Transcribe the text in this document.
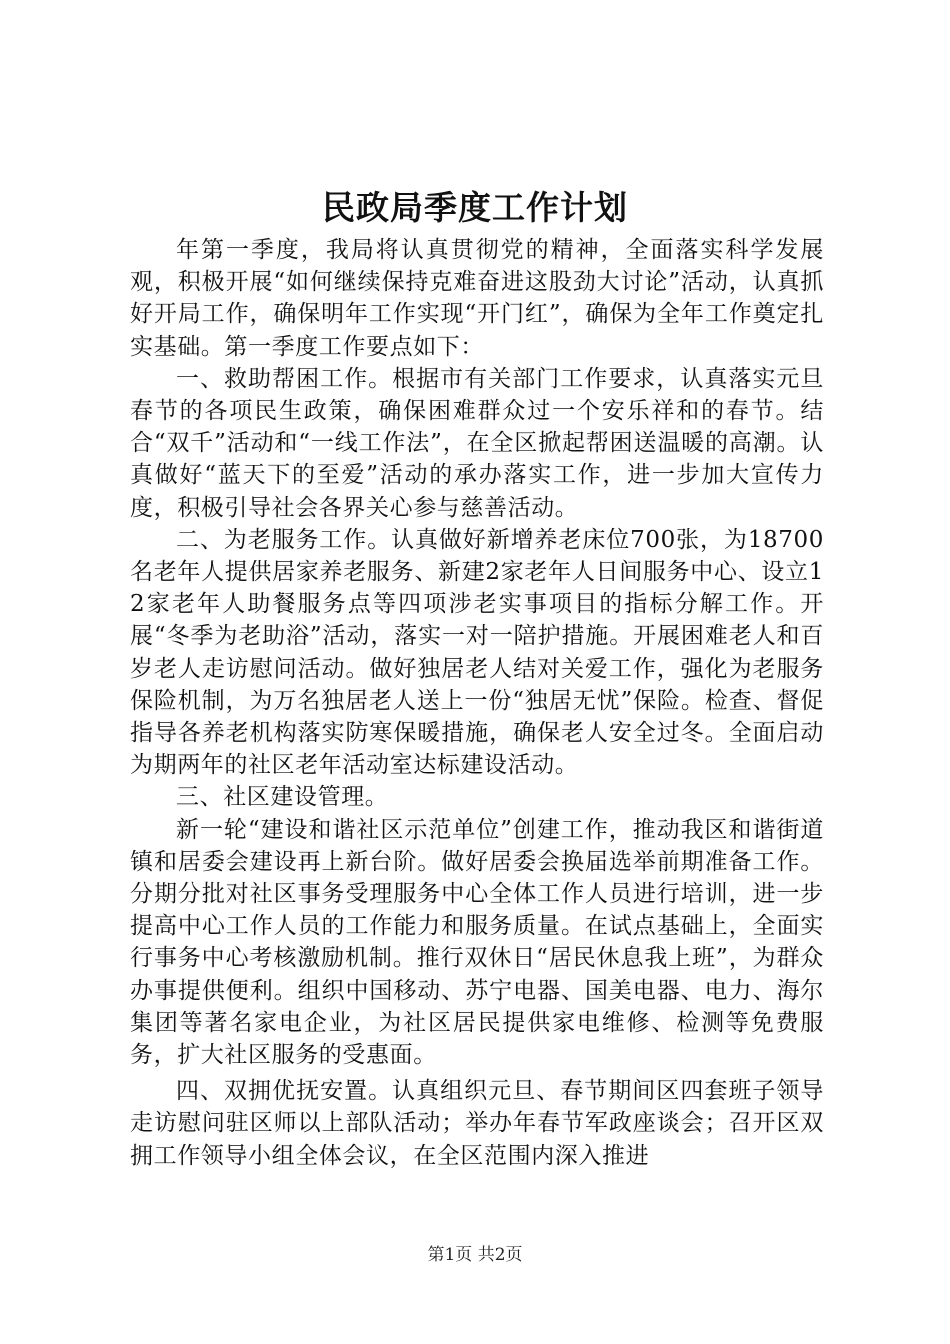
民政局季度工作计划

年第一季度，我局将认真贯彻党的精神，全面落实科学发展观，积极开展“如何继续保持克难奋进这股劲大讨论”活动，认真抓好开局工作，确保明年工作实现“开门红”，确保为全年工作奠定扎实基础。第一季度工作要点如下：

一、救助帮困工作。根据市有关部门工作要求，认真落实元旦春节的各项民生政策，确保困难群众过一个安乐祥和的春节。结合“双千”活动和“一线工作法”，在全区掀起帮困送温暖的高潮。认真做好“蓝天下的至爱”活动的承办落实工作，进一步加大宣传力度，积极引导社会各界关心参与慈善活动。

二、为老服务工作。认真做好新增养老床位700张，为18700名老年人提供居家养老服务、新建2家老年人日间服务中心、设立12家老年人助餐服务点等四项涉老实事项目的指标分解工作。开展“冬季为老助浴”活动，落实一对一陪护措施。开展困难老人和百岁老人走访慰问活动。做好独居老人结对关爱工作，强化为老服务保险机制，为万名独居老人送上一份“独居无忧”保险。检查、督促指导各养老机构落实防寒保暖措施，确保老人安全过冬。全面启动为期两年的社区老年活动室达标建设活动。

三、社区建设管理。

新一轮“建设和谐社区示范单位”创建工作，推动我区和谐街道镇和居委会建设再上新台阶。做好居委会换届选举前期准备工作。分期分批对社区事务受理服务中心全体工作人员进行培训，进一步提高中心工作人员的工作能力和服务质量。在试点基础上，全面实行事务中心考核激励机制。推行双休日“居民休息我上班”，为群众办事提供便利。组织中国移动、苏宁电器、国美电器、电力、海尔集团等著名家电企业，为社区居民提供家电维修、检测等免费服务，扩大社区服务的受惠面。

四、双拥优抚安置。认真组织元旦、春节期间区四套班子领导走访慰问驻区师以上部队活动；举办年春节军政座谈会；召开区双拥工作领导小组全体会议，在全区范围内深入推进

第1页 共2页
